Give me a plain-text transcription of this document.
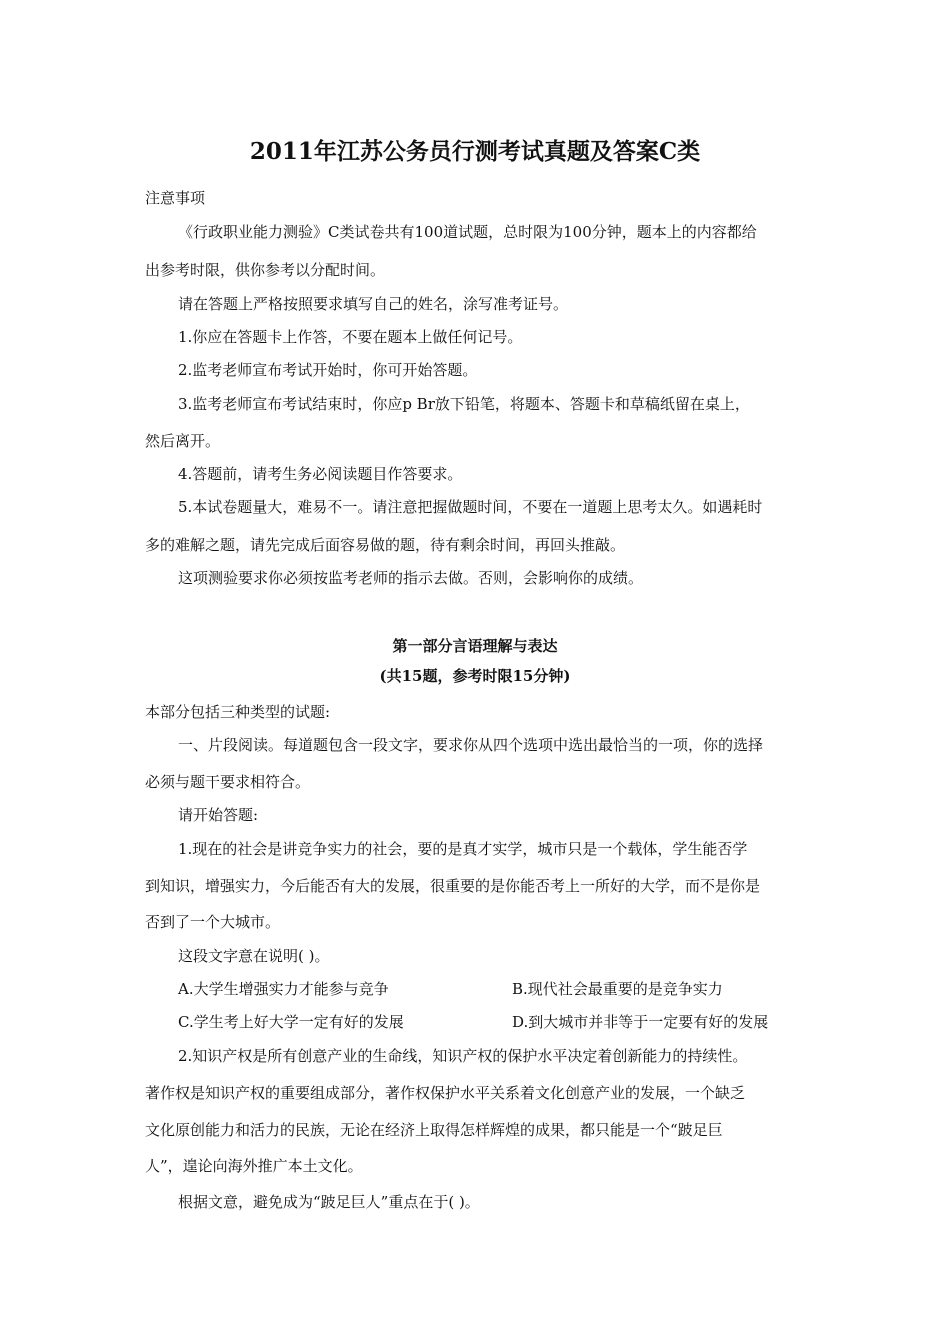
2011年江苏公务员行测考试真题及答案C类
注意事项
《行政职业能力测验》C类试卷共有100道试题，总时限为100分钟，题本上的内容都给
出参考时限，供你参考以分配时间。
请在答题上严格按照要求填写自己的姓名，涂写准考证号。
1.你应在答题卡上作答，不要在题本上做任何记号。
2.监考老师宣布考试开始时，你可开始答题。
3.监考老师宣布考试结束时，你应p Br放下铅笔，将题本、答题卡和草稿纸留在桌上，
然后离开。
4.答题前，请考生务必阅读题目作答要求。
5.本试卷题量大，难易不一。请注意把握做题时间，不要在一道题上思考太久。如遇耗时
多的难解之题，请先完成后面容易做的题，待有剩余时间，再回头推敲。
这项测验要求你必须按监考老师的指示去做。否则，会影响你的成绩。
第一部分言语理解与表达
(共15题，参考时限15分钟)
本部分包括三种类型的试题:
一、片段阅读。每道题包含一段文字，要求你从四个选项中选出最恰当的一项，你的选择
必须与题干要求相符合。
请开始答题:
1.现在的社会是讲竞争实力的社会，要的是真才实学，城市只是一个载体，学生能否学
到知识，增强实力，今后能否有大的发展，很重要的是你能否考上一所好的大学，而不是你是
否到了一个大城市。
这段文字意在说明( )。
A.大学生增强实力才能参与竞争	B.现代社会最重要的是竞争实力
C.学生考上好大学一定有好的发展	D.到大城市并非等于一定要有好的发展
2.知识产权是所有创意产业的生命线，知识产权的保护水平决定着创新能力的持续性。
著作权是知识产权的重要组成部分，著作权保护水平关系着文化创意产业的发展，一个缺乏
文化原创能力和活力的民族，无论在经济上取得怎样辉煌的成果，都只能是一个“跛足巨
人”，遑论向海外推广本土文化。
根据文意，避免成为“跛足巨人”重点在于( )。
